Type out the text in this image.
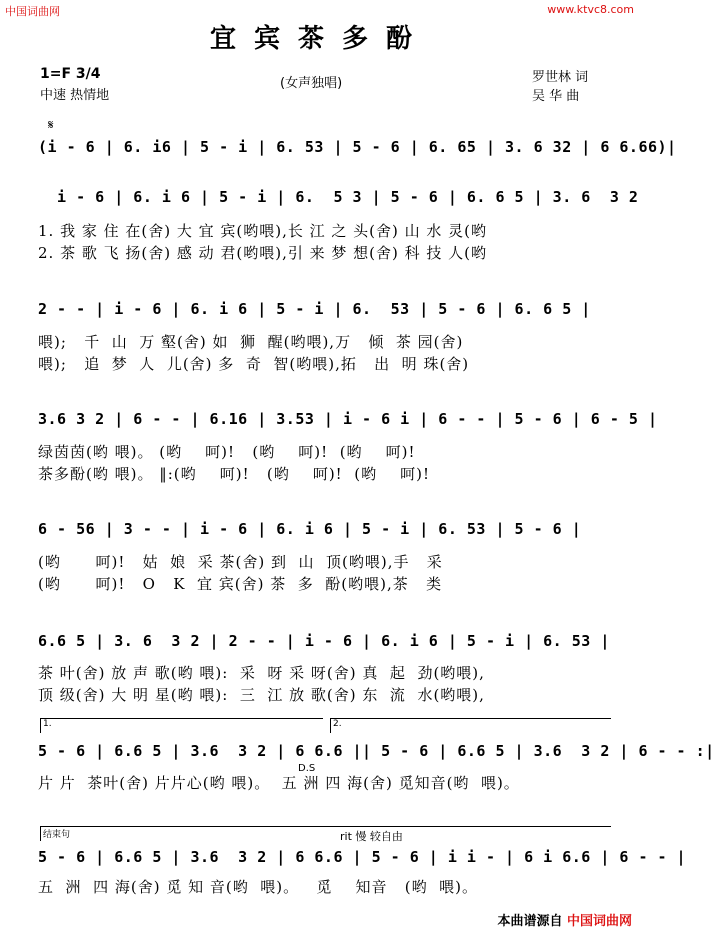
中国词曲网	www.ktvc8.com
宜宾茶多酚
1=F 3/4
中速 热情地
(女声独唱)	罗世林 词
吴 华 曲
𝄋
(i - 6 | 6. i6 | 5 - i | 6. 53 | 5 - 6 | 6. 65 | 3. 6 32 | 6 6.66)|
i - 6 | 6. i 6 | 5 - i | 6.  5 3 | 5 - 6 | 6. 6 5 | 3. 6  3 2
2 - - | i - 6 | 6. i 6 | 5 - i | 6.  53 | 5 - 6 | 6. 6 5 |
3.6 3 2 | 6 - - | 6.16 | 3.53 | i - 6 i | 6 - - | 5 - 6 | 6 - 5 |
6 - 56 | 3 - - | i - 6 | 6. i 6 | 5 - i | 6. 53 | 5 - 6 |
6.6 5 | 3. 6  3 2 | 2 - - | i - 6 | 6. i 6 | 5 - i | 6. 53 |
5 - 6 | 6.6 5 | 3.6  3 2 | 6 6.6 || 5 - 6 | 6.6 5 | 3.6  3 2 | 6 - - :|
5 - 6 | 6.6 5 | 3.6  3 2 | 6 6.6 | 5 - 6 | i i - | 6 i 6.6 | 6 - - |
1. 我 家 住 在(舍) 大 宜 宾(哟喂),长 江 之 头(舍) 山 水 灵(哟
2. 茶 歌 飞 扬(舍) 感 动 君(哟喂),引 来 梦 想(舍) 科 技 人(哟
喂);   千  山  万 壑(舍) 如  狮  醒(哟喂),万   倾  茶 园(舍)
喂);   追  梦  人  儿(舍) 多  奇  智(哟喂),拓   出  明 珠(舍)
绿茵茵(哟 喂)。 (哟    呵)!   (哟    呵)!  (哟    呵)!
茶多酚(哟 喂)。 ‖:(哟    呵)!   (哟    呵)!  (哟    呵)!
(哟      呵)!   姑  娘  采 茶(舍) 到  山  顶(哟喂),手   采
(哟      呵)!   O   K  宜 宾(舍) 茶  多  酚(哟喂),茶   类
茶 叶(舍) 放 声 歌(哟 喂):  采  呀 采 呀(舍) 真  起  劲(哟喂),
顶 级(舍) 大 明 星(哟 喂):  三  江 放 歌(舍) 东  流  水(哟喂),
片 片  茶叶(舍) 片片心(哟 喂)。  五 洲 四 海(舍) 觅知音(哟  喂)。
五  洲  四 海(舍) 觅 知 音(哟  喂)。   觅    知音   (哟  喂)。
1.	2.
D.S
结束句	rit 慢 较自由
本曲谱源自 中国词曲网
